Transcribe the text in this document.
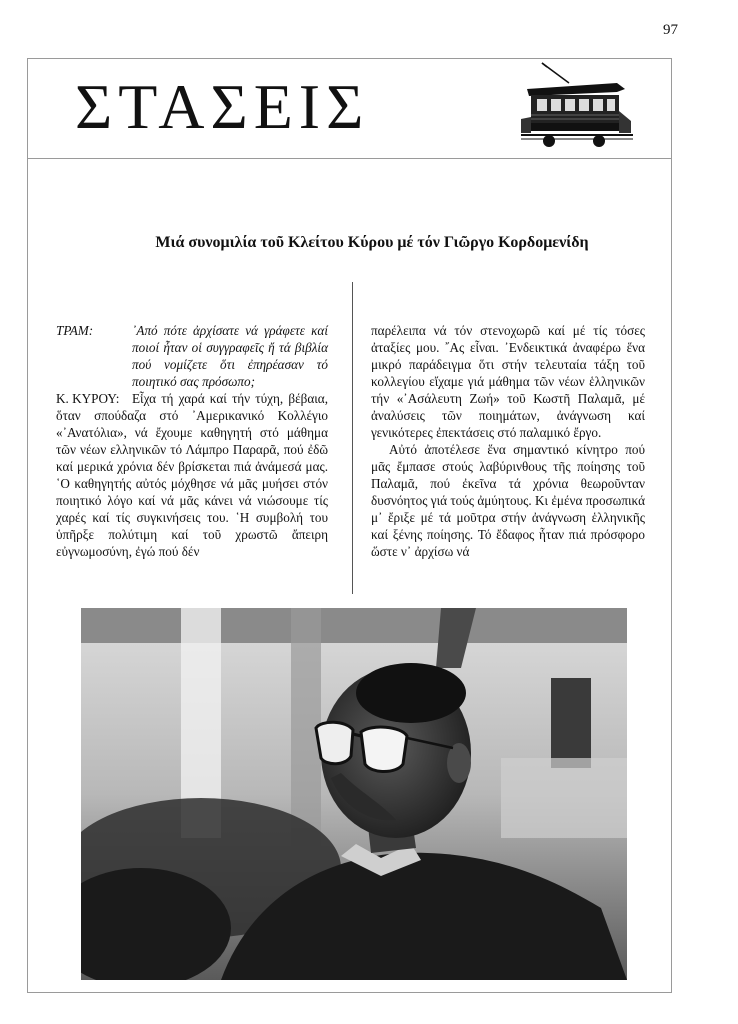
97
ΣΤΑΣΕΙΣ
Μιά συνομιλία τοῦ Κλείτου Κύρου μέ τόν Γιῶργο Κορδομενίδη
ΤΡΑΜ:	᾿Από πότε ἀρχίσατε νά γράφετε καί ποιοί ἦταν οἱ συγγραφεῖς ἤ τά βιβλία πού νομίζετε ὅτι ἐπηρέασαν τό ποιητικό σας πρόσωπο;

Κ. ΚΥΡΟΥ: Εἶχα τή χαρά καί τήν τύχη, βέβαια, ὅταν σπούδαζα στό ᾿Αμερικανικό Κολλέγιο «᾿Ανατόλια», νά ἔχουμε καθηγητή στό μάθημα τῶν νέων ελληνικῶν τό Λάμπρο Παραρᾶ, πού ἐδῶ καί μερικά χρόνια δέν βρίσκεται πιά ἀνάμεσά μας. ῾Ο καθηγητής αὐτός μόχθησε νά μᾶς μυήσει στόν ποιητικό λόγο καί νά μᾶς κάνει νά νιώσουμε τίς χαρές καί τίς συγκινήσεις του. ῾Η συμβολή του ὑπῆρξε πολύτιμη καί τοῦ χρωστῶ ἄπειρη εὐγνωμοσύνη, ἐγώ πού δέν

παρέλειπα νά τόν στενοχωρῶ καί μέ τίς τόσες ἀταξίες μου. ῎Ας εἶναι. ᾿Ενδεικτικά ἀναφέρω ἕνα μικρό παράδειγμα ὅτι στήν τελευταία τάξη τοῦ κολλεγίου εἴχαμε γιά μάθημα τῶν νέων ἑλληνικῶν τήν «᾿Ασάλευτη Ζωή» τοῦ Κωστῆ Παλαμᾶ, μέ ἀναλύσεις τῶν ποιημάτων, ἀνάγνωση καί γενικότερες ἐπεκτάσεις στό παλαμικό ἔργο.

Αὐτό ἀποτέλεσε ἕνα σημαντικό κίνητρο πού μᾶς ἔμπασε στούς λαβύρινθους τῆς ποίησης τοῦ Παλαμᾶ, πού ἐκεῖνα τά χρόνια θεωροῦνταν δυσνόητος γιά τούς ἀμύητους. Κι ἐμένα προσωπικά μ᾿ ἔριξε μέ τά μοῦτρα στήν ἀνάγνωση ἑλληνικῆς καί ξένης ποίησης. Τό ἔδαφος ἦταν πιά πρόσφορο ὥστε ν᾿ ἀρχίσω νά
